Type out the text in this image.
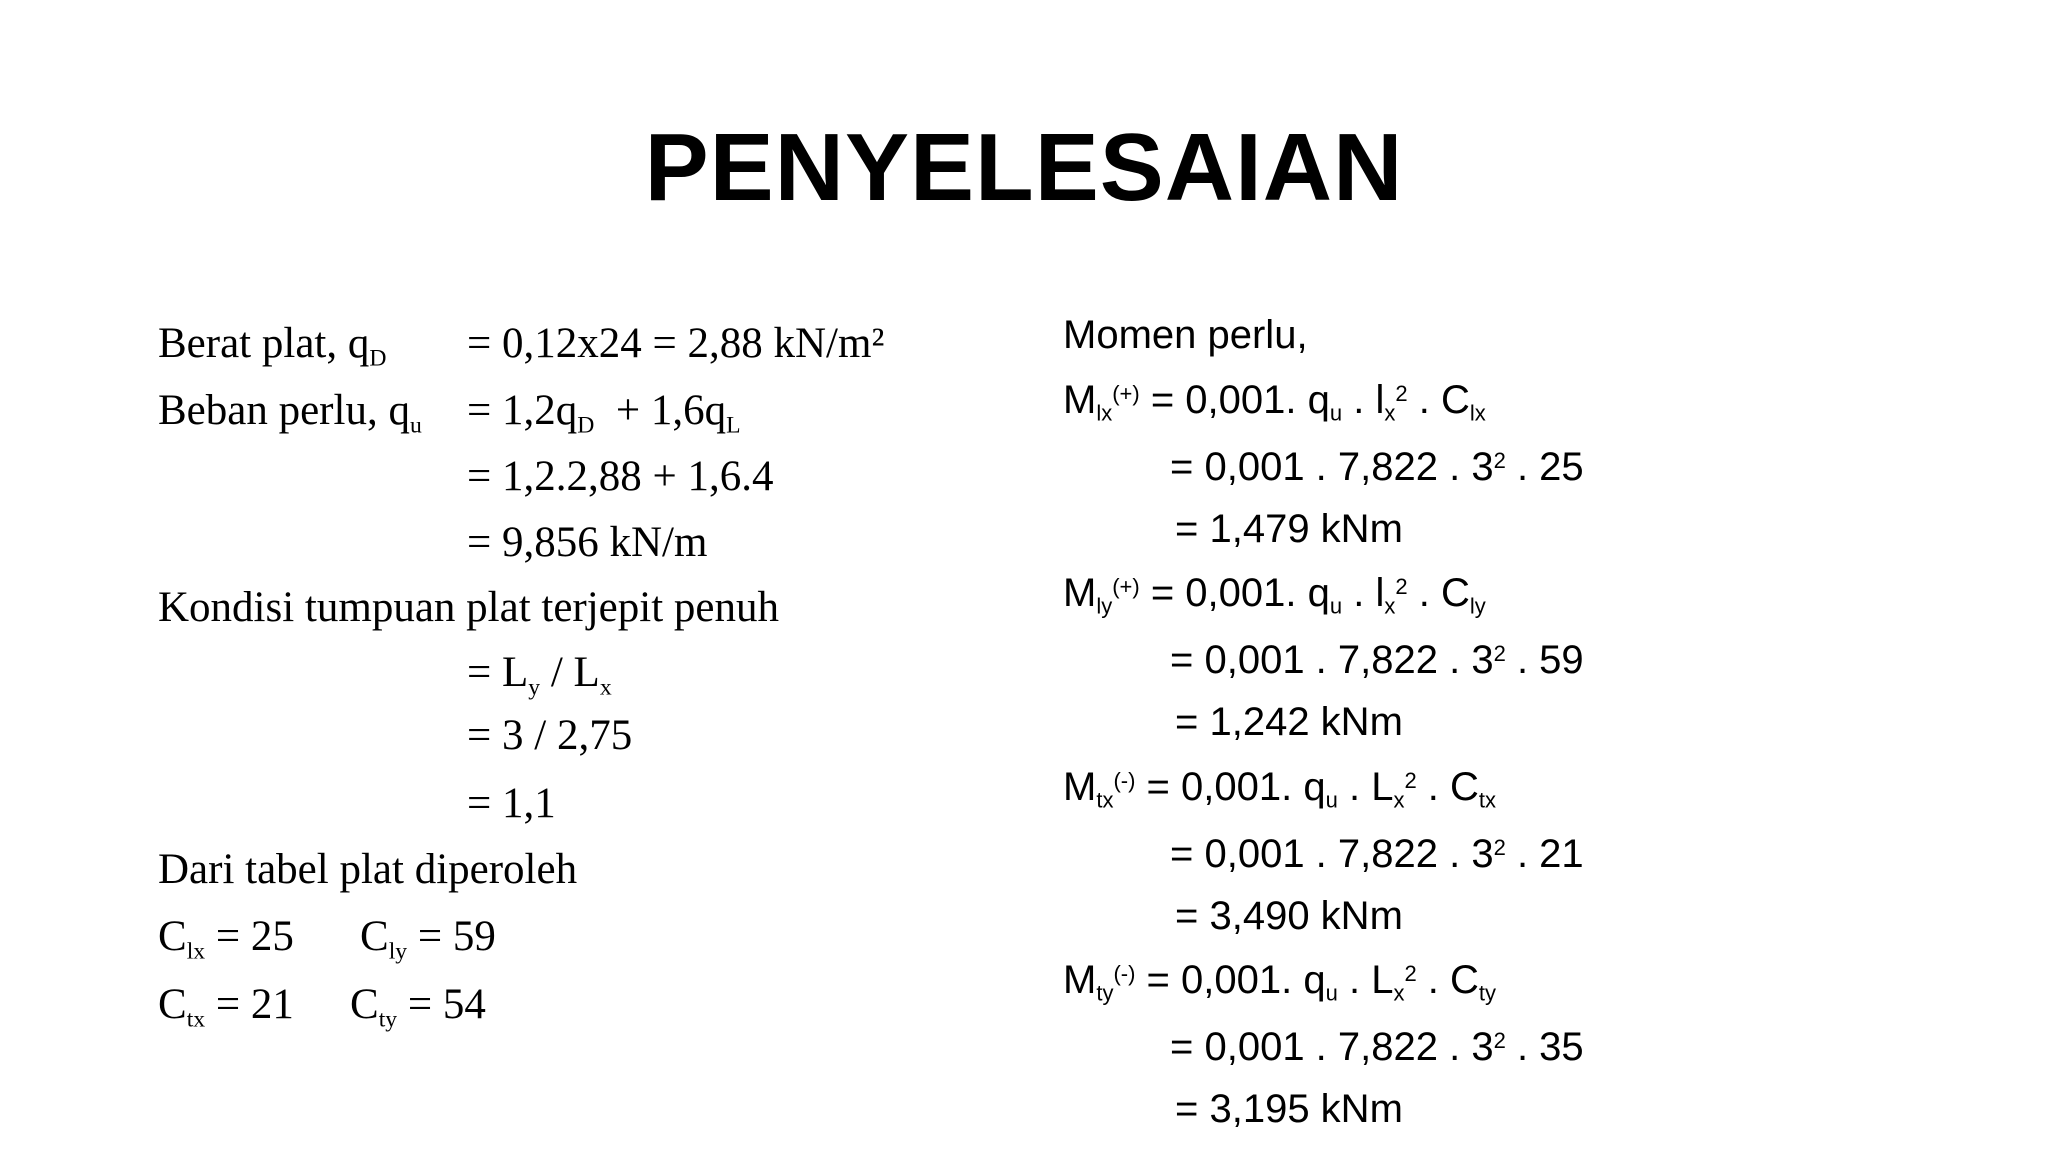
PENYELESAIAN
Berat plat, $q_D = 0,12x24 = 2,88$ kN/m²
Beban perlu, $q_u = 1,2q_D + 1,6q_L$
= 1,2.2,88 + 1,6.4
= 9,856 kN/m
Kondisi tumpuan plat terjepit penuh
= $L_y / L_x$
= 3 / 2,75
= 1,1
Dari tabel plat diperoleh
$C_{lx} = 25$ $C_{ly} = 59$
$C_{tx} = 21$ $C_{ty} = 54$
Momen perlu,
$M_{lx}^{(+)} = 0,001$. $q_u$ . $l_x^2$ . $C_{lx}$
= 0,001 . 7,822 . $3^2$ . 25
= 1,479 kNm
$M_{ly}^{(+)} = 0,001$. $q_u$ . $l_x^2$ . $C_{ly}$
= 0,001 . 7,822 . $3^2$ . 59
= 1,242 kNm
$M_{tx}^{(-)} = 0,001$. $q_u$ . $L_x^2$ . $C_{tx}$
= 0,001 . 7,822 . $3^2$ . 21
= 3,490 kNm
$M_{ty}^{(-)} = 0,001$. $q_u$ . $L_x^2$ . $C_{ty}$
= 0,001 . 7,822 . $3^2$ . 35
= 3,195 kNm
